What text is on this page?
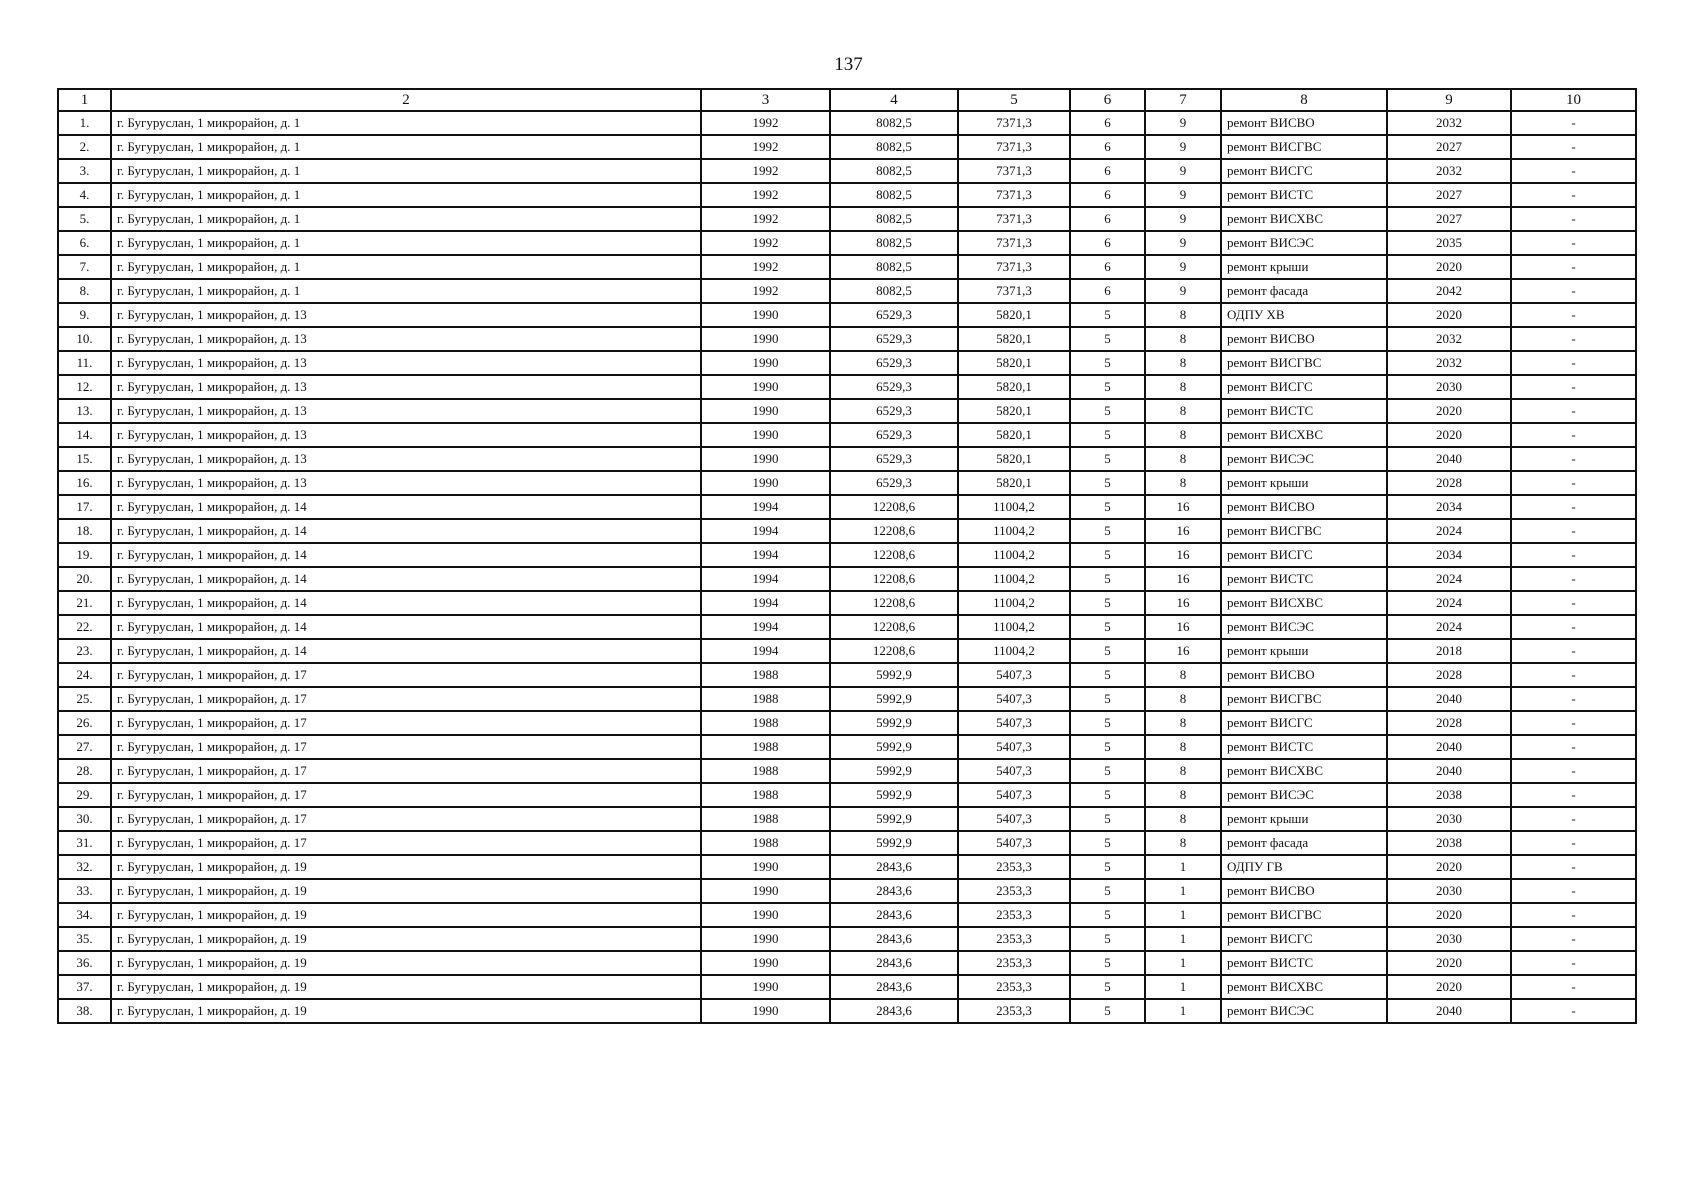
137
1	2	3	4	5	6	7	8	9	10
1.	г. Бугуруслан, 1 микрорайон, д. 1	1992	8082,5	7371,3	6	9	ремонт ВИСВО	2032	-
2.	г. Бугуруслан, 1 микрорайон, д. 1	1992	8082,5	7371,3	6	9	ремонт ВИСГВС	2027	-
3.	г. Бугуруслан, 1 микрорайон, д. 1	1992	8082,5	7371,3	6	9	ремонт ВИСГС	2032	-
4.	г. Бугуруслан, 1 микрорайон, д. 1	1992	8082,5	7371,3	6	9	ремонт ВИСТС	2027	-
5.	г. Бугуруслан, 1 микрорайон, д. 1	1992	8082,5	7371,3	6	9	ремонт ВИСХВС	2027	-
6.	г. Бугуруслан, 1 микрорайон, д. 1	1992	8082,5	7371,3	6	9	ремонт ВИСЭС	2035	-
7.	г. Бугуруслан, 1 микрорайон, д. 1	1992	8082,5	7371,3	6	9	ремонт крыши	2020	-
8.	г. Бугуруслан, 1 микрорайон, д. 1	1992	8082,5	7371,3	6	9	ремонт фасада	2042	-
9.	г. Бугуруслан, 1 микрорайон, д. 13	1990	6529,3	5820,1	5	8	ОДПУ ХВ	2020	-
10.	г. Бугуруслан, 1 микрорайон, д. 13	1990	6529,3	5820,1	5	8	ремонт ВИСВО	2032	-
11.	г. Бугуруслан, 1 микрорайон, д. 13	1990	6529,3	5820,1	5	8	ремонт ВИСГВС	2032	-
12.	г. Бугуруслан, 1 микрорайон, д. 13	1990	6529,3	5820,1	5	8	ремонт ВИСГС	2030	-
13.	г. Бугуруслан, 1 микрорайон, д. 13	1990	6529,3	5820,1	5	8	ремонт ВИСТС	2020	-
14.	г. Бугуруслан, 1 микрорайон, д. 13	1990	6529,3	5820,1	5	8	ремонт ВИСХВС	2020	-
15.	г. Бугуруслан, 1 микрорайон, д. 13	1990	6529,3	5820,1	5	8	ремонт ВИСЭС	2040	-
16.	г. Бугуруслан, 1 микрорайон, д. 13	1990	6529,3	5820,1	5	8	ремонт крыши	2028	-
17.	г. Бугуруслан, 1 микрорайон, д. 14	1994	12208,6	11004,2	5	16	ремонт ВИСВО	2034	-
18.	г. Бугуруслан, 1 микрорайон, д. 14	1994	12208,6	11004,2	5	16	ремонт ВИСГВС	2024	-
19.	г. Бугуруслан, 1 микрорайон, д. 14	1994	12208,6	11004,2	5	16	ремонт ВИСГС	2034	-
20.	г. Бугуруслан, 1 микрорайон, д. 14	1994	12208,6	11004,2	5	16	ремонт ВИСТС	2024	-
21.	г. Бугуруслан, 1 микрорайон, д. 14	1994	12208,6	11004,2	5	16	ремонт ВИСХВС	2024	-
22.	г. Бугуруслан, 1 микрорайон, д. 14	1994	12208,6	11004,2	5	16	ремонт ВИСЭС	2024	-
23.	г. Бугуруслан, 1 микрорайон, д. 14	1994	12208,6	11004,2	5	16	ремонт крыши	2018	-
24.	г. Бугуруслан, 1 микрорайон, д. 17	1988	5992,9	5407,3	5	8	ремонт ВИСВО	2028	-
25.	г. Бугуруслан, 1 микрорайон, д. 17	1988	5992,9	5407,3	5	8	ремонт ВИСГВС	2040	-
26.	г. Бугуруслан, 1 микрорайон, д. 17	1988	5992,9	5407,3	5	8	ремонт ВИСГС	2028	-
27.	г. Бугуруслан, 1 микрорайон, д. 17	1988	5992,9	5407,3	5	8	ремонт ВИСТС	2040	-
28.	г. Бугуруслан, 1 микрорайон, д. 17	1988	5992,9	5407,3	5	8	ремонт ВИСХВС	2040	-
29.	г. Бугуруслан, 1 микрорайон, д. 17	1988	5992,9	5407,3	5	8	ремонт ВИСЭС	2038	-
30.	г. Бугуруслан, 1 микрорайон, д. 17	1988	5992,9	5407,3	5	8	ремонт крыши	2030	-
31.	г. Бугуруслан, 1 микрорайон, д. 17	1988	5992,9	5407,3	5	8	ремонт фасада	2038	-
32.	г. Бугуруслан, 1 микрорайон, д. 19	1990	2843,6	2353,3	5	1	ОДПУ ГВ	2020	-
33.	г. Бугуруслан, 1 микрорайон, д. 19	1990	2843,6	2353,3	5	1	ремонт ВИСВО	2030	-
34.	г. Бугуруслан, 1 микрорайон, д. 19	1990	2843,6	2353,3	5	1	ремонт ВИСГВС	2020	-
35.	г. Бугуруслан, 1 микрорайон, д. 19	1990	2843,6	2353,3	5	1	ремонт ВИСГС	2030	-
36.	г. Бугуруслан, 1 микрорайон, д. 19	1990	2843,6	2353,3	5	1	ремонт ВИСТС	2020	-
37.	г. Бугуруслан, 1 микрорайон, д. 19	1990	2843,6	2353,3	5	1	ремонт ВИСХВС	2020	-
38.	г. Бугуруслан, 1 микрорайон, д. 19	1990	2843,6	2353,3	5	1	ремонт ВИСЭС	2040	-
